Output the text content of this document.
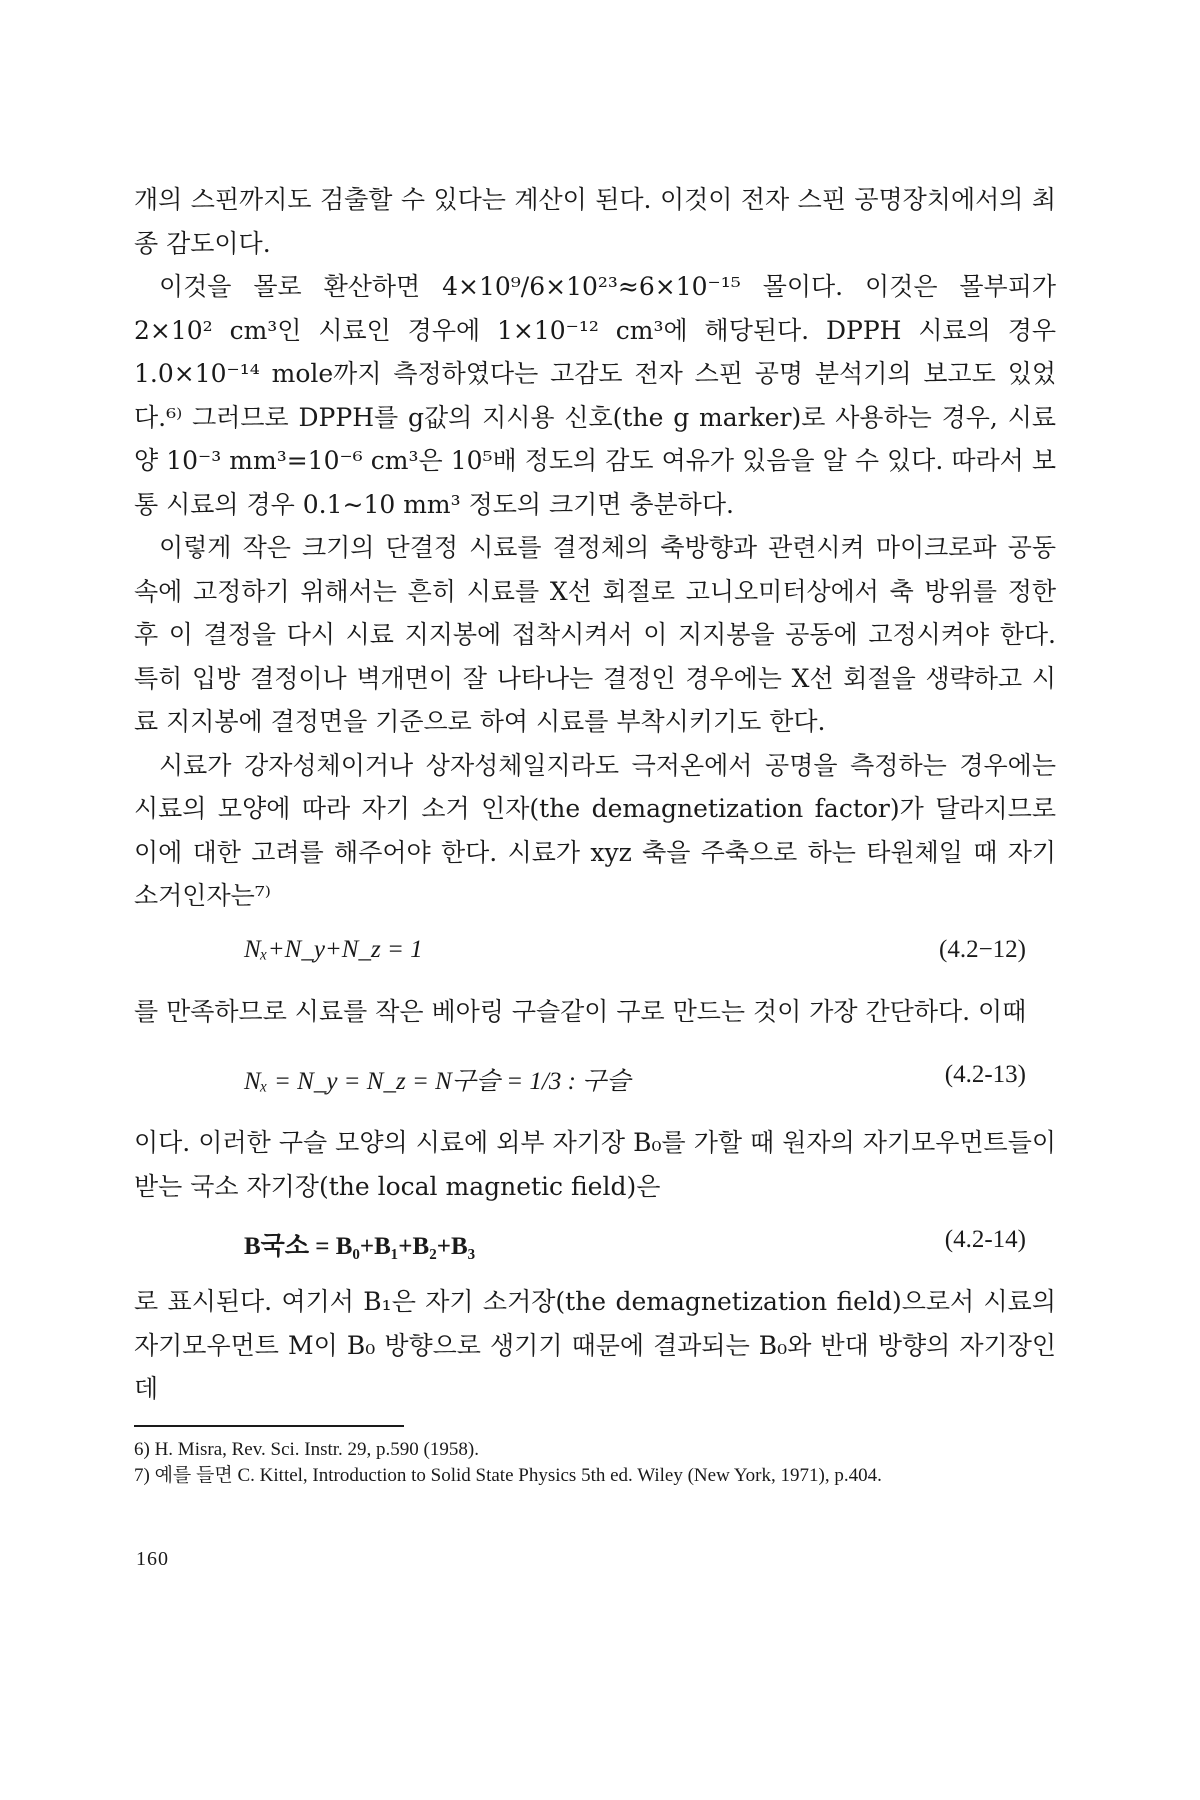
개의 스핀까지도 검출할 수 있다는 계산이 된다. 이것이 전자 스핀 공명장치에서의 최종 감도이다.

이것을 몰로 환산하면 4×10⁹/6×10²³≈6×10⁻¹⁵ 몰이다. 이것은 몰부피가 2×10² cm³인 시료인 경우에 1×10⁻¹² cm³에 해당된다. DPPH 시료의 경우 1.0×10⁻¹⁴ mole까지 측정하였다는 고감도 전자 스핀 공명 분석기의 보고도 있었다.⁶⁾ 그러므로 DPPH를 g값의 지시용 신호(the g marker)로 사용하는 경우, 시료 양 10⁻³ mm³=10⁻⁶ cm³은 10⁵배 정도의 감도 여유가 있음을 알 수 있다. 따라서 보통 시료의 경우 0.1∼10 mm³ 정도의 크기면 충분하다.

이렇게 작은 크기의 단결정 시료를 결정체의 축방향과 관련시켜 마이크로파 공동 속에 고정하기 위해서는 흔히 시료를 X선 회절로 고니오미터상에서 축 방위를 정한 후 이 결정을 다시 시료 지지봉에 접착시켜서 이 지지봉을 공동에 고정시켜야 한다. 특히 입방 결정이나 벽개면이 잘 나타나는 결정인 경우에는 X선 회절을 생략하고 시료 지지봉에 결정면을 기준으로 하여 시료를 부착시키기도 한다.

시료가 강자성체이거나 상자성체일지라도 극저온에서 공명을 측정하는 경우에는 시료의 모양에 따라 자기 소거 인자(the demagnetization factor)가 달라지므로 이에 대한 고려를 해주어야 한다. 시료가 xyz 축을 주축으로 하는 타원체일 때 자기 소거인자는⁷⁾

Nₓ+N_y+N_z = 1	(4.2−12)

를 만족하므로 시료를 작은 베아링 구슬같이 구로 만드는 것이 가장 간단하다. 이때

Nₓ = N_y = N_z = N구슬 = 1/3 : 구슬	(4.2-13)

이다. 이러한 구슬 모양의 시료에 외부 자기장 B₀를 가할 때 원자의 자기모우먼트들이 받는 국소 자기장(the local magnetic field)은

B국소 = B₀+B₁+B₂+B₃	(4.2-14)

로 표시된다. 여기서 B₁은 자기 소거장(the demagnetization field)으로서 시료의 자기모우먼트 M이 B₀ 방향으로 생기기 때문에 결과되는 B₀와 반대 방향의 자기장인데

6) H. Misra, Rev. Sci. Instr. 29, p.590 (1958).

7) 예를 들면 C. Kittel, Introduction to Solid State Physics 5th ed. Wiley (New York, 1971), p.404.

160
